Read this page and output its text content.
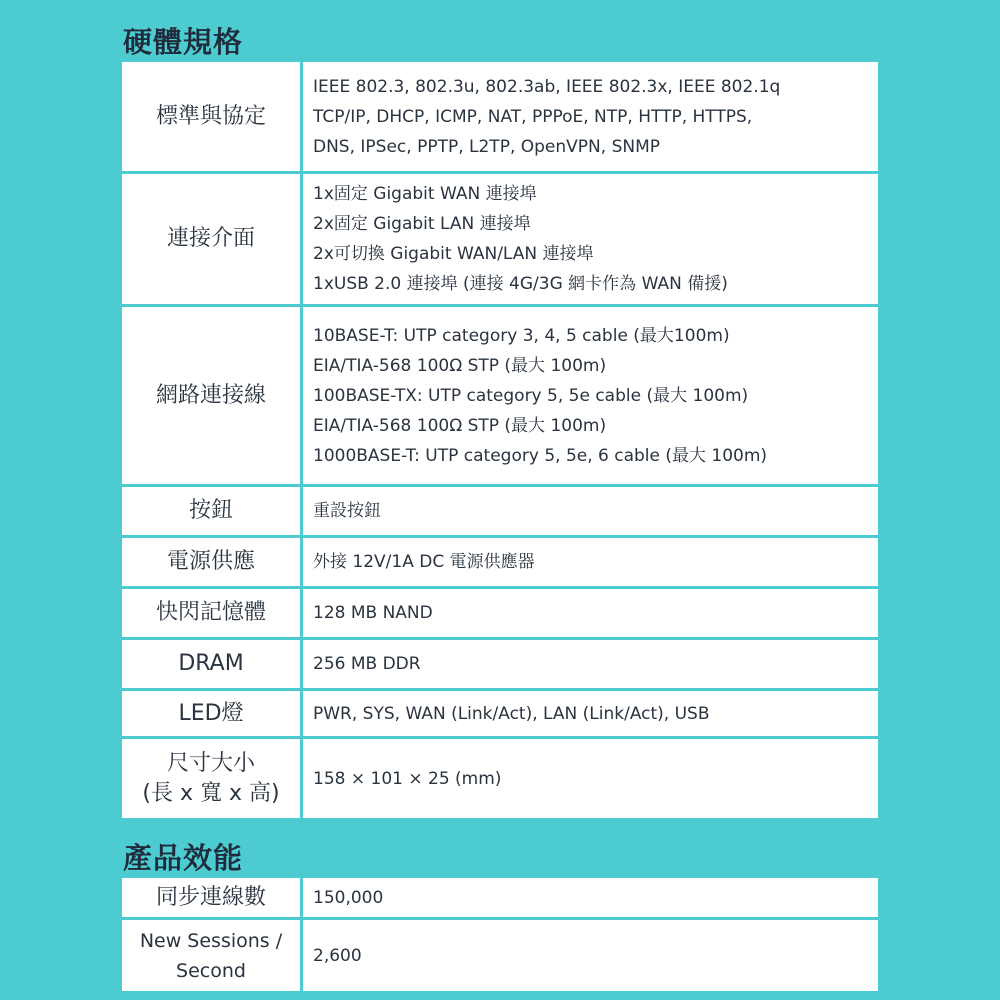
硬體規格
標準與協定	IEEE 802.3, 802.3u, 802.3ab, IEEE 802.3x, IEEE 802.1q
TCP/IP, DHCP, ICMP, NAT, PPPoE, NTP, HTTP, HTTPS,
DNS, IPSec, PPTP, L2TP, OpenVPN, SNMP

連接介面	1x固定 Gigabit WAN 連接埠
2x固定 Gigabit LAN 連接埠
2x可切換 Gigabit WAN/LAN 連接埠
1xUSB 2.0 連接埠 (連接 4G/3G 網卡作為 WAN 備援)

網路連接線	10BASE-T: UTP category 3, 4, 5 cable (最大100m)
EIA/TIA-568 100Ω STP (最大 100m)
100BASE-TX: UTP category 5, 5e cable (最大 100m)
EIA/TIA-568 100Ω STP (最大 100m)
1000BASE-T: UTP category 5, 5e, 6 cable (最大 100m)

按鈕	重設按鈕

電源供應	外接 12V/1A DC 電源供應器

快閃記憶體	128 MB NAND

DRAM	256 MB DDR

LED燈	PWR, SYS, WAN (Link/Act), LAN (Link/Act), USB

尺寸大小
(長 x 寬 x 高)	158 × 101 × 25 (mm)
產品效能
同步連線數	150,000

New Sessions /
Second	2,600
